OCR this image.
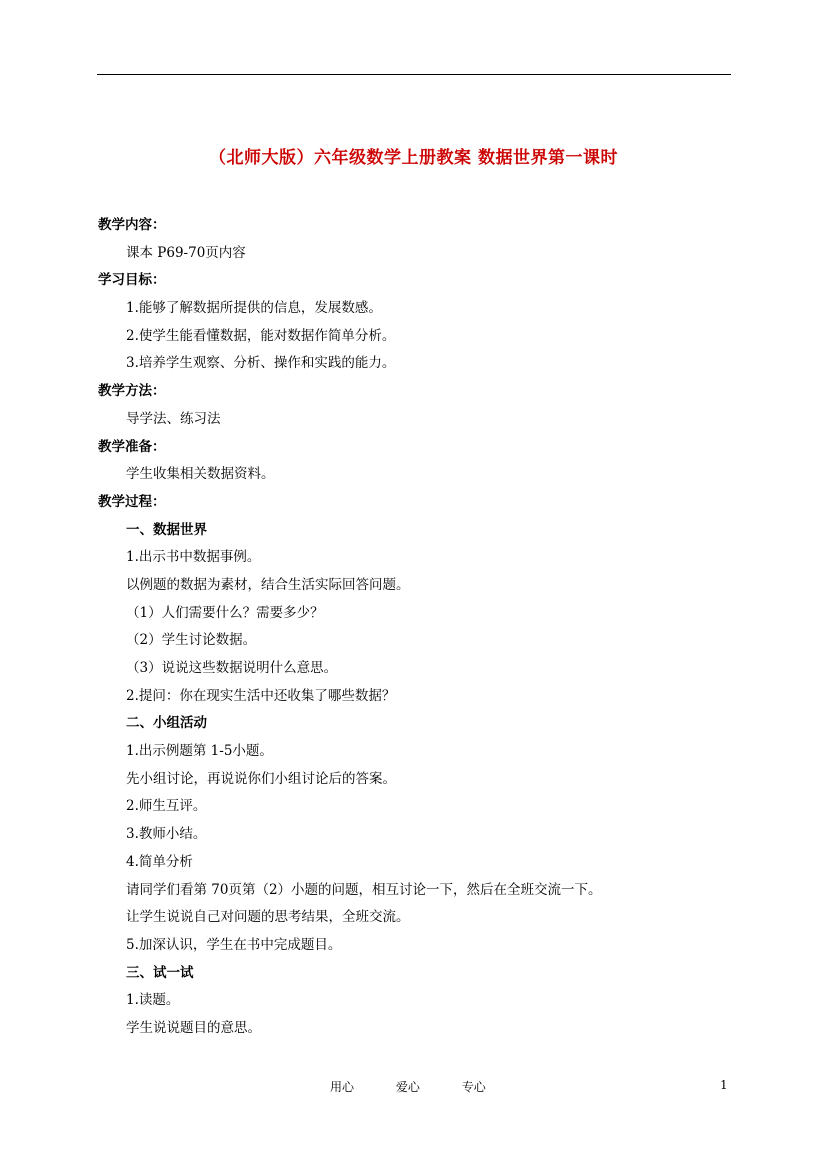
（北师大版）六年级数学上册教案 数据世界第一课时
教学内容：
课本 P69-70页内容
学习目标：
1.能够了解数据所提供的信息，发展数感。
2.使学生能看懂数据，能对数据作简单分析。
3.培养学生观察、分析、操作和实践的能力。
教学方法：
导学法、练习法
教学准备：
学生收集相关数据资料。
教学过程：
一、数据世界
1.出示书中数据事例。
以例题的数据为素材，结合生活实际回答问题。
（1）人们需要什么？需要多少？
（2）学生讨论数据。
（3）说说这些数据说明什么意思。
2.提问：你在现实生活中还收集了哪些数据？
二、小组活动
1.出示例题第 1-5小题。
先小组讨论，再说说你们小组讨论后的答案。
2.师生互评。
3.教师小结。
4.简单分析
请同学们看第 70页第（2）小题的问题，相互讨论一下，然后在全班交流一下。
让学生说说自己对问题的思考结果，全班交流。
5.加深认识，学生在书中完成题目。
三、试一试
1.读题。
学生说说题目的意思。
用心	爱心	专心	1
